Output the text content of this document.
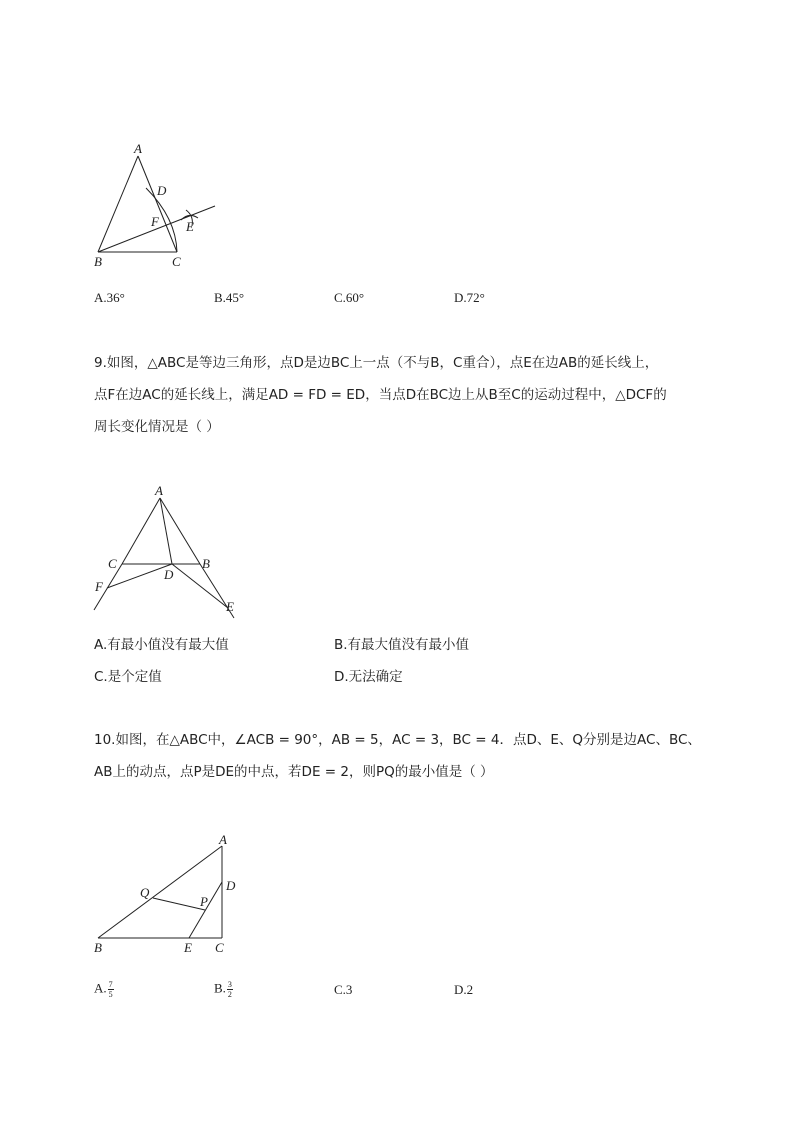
A
D
F E
B	C
A.36°	B.45°	C.60°	D.72°
9.如图，△ABC是等边三角形，点D是边BC上一点（不与B，C重合），点E在边AB的延长线上，
点F在边AC的延长线上，满足AD = FD = ED，当点D在BC边上从B至C的运动过程中，△DCF的
周长变化情况是（ ）
A
C	B
D
F
E
A.有最小值没有最大值	B.有最大值没有最小值
C.是个定值	D.无法确定
10.如图，在△ABC中，∠ACB = 90°，AB = 5，AC = 3，BC = 4．点D、E、Q分别是边AC、BC、
AB上的动点，点P是DE的中点，若DE = 2，则PQ的最小值是（ ）
A
D
Q
P
B	E C
A. $\frac{7}{5}$	B. $\frac{3}{2}$	C.3	D.2
